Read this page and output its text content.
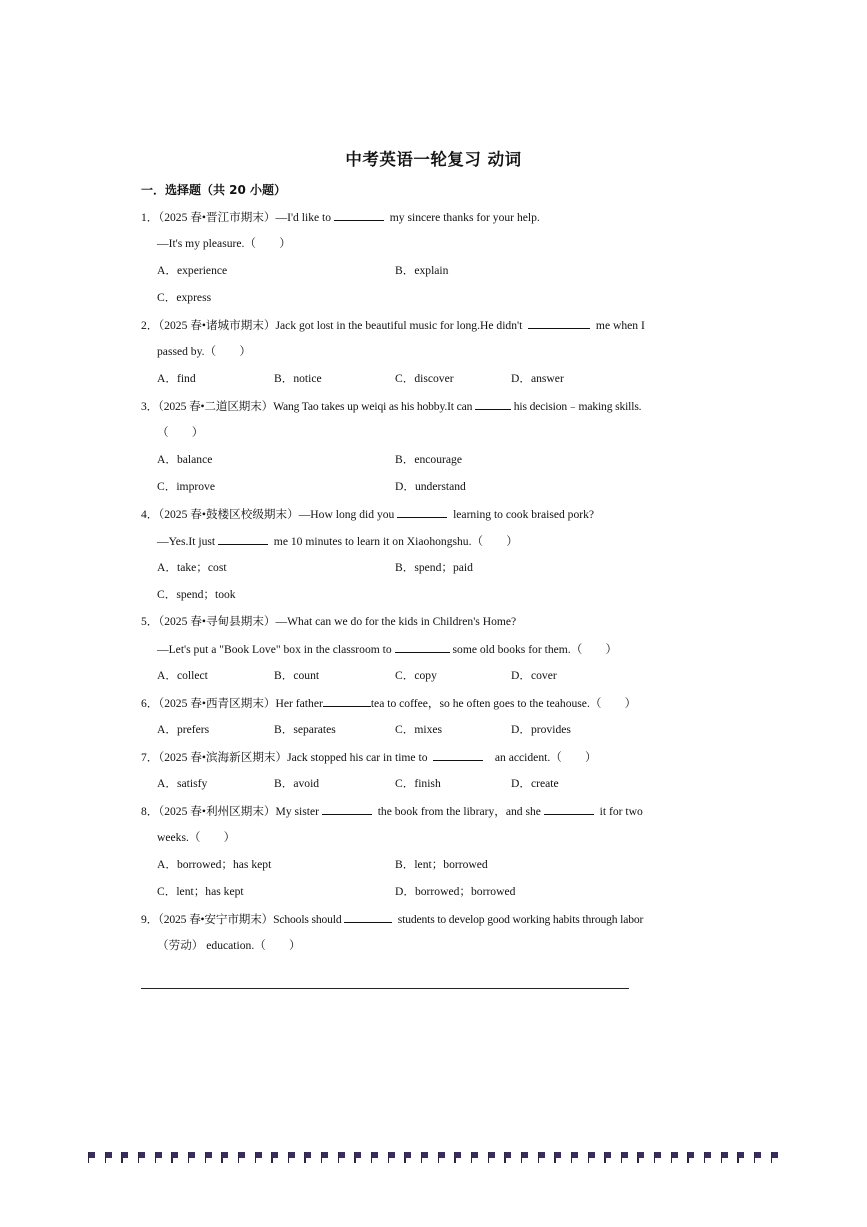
中考英语一轮复习 动词
一．选择题（共 20 小题）
1．（2025 春•晋江市期末）—I'd like to	my sincere thanks for your help.
—It's my pleasure.（　　）
A．experience	B．explain
C．express
2．（2025 春•诸城市期末）Jack got lost in the beautiful music for long.He didn't	me when I
passed by.（　　）
A．find	B．notice	C．discover	D．answer
3．（2025 春•二道区期末）Wang Tao takes up weiqi as his hobby.It can	his decision﹣making skills.
（　　）
A．balance	B．encourage
C．improve	D．understand
4．（2025 春•鼓楼区校级期末）—How long did you	learning to cook braised pork?
—Yes.It just	me 10 minutes to learn it on Xiaohongshu.（　　）
A．take；cost	B．spend；paid
C．spend；took
5．（2025 春•寻甸县期末）—What can we do for the kids in Children's Home?
—Let's put a "Book Love" box in the classroom to	some old books for them.（　　）
A．collect	B．count	C．copy	D．cover
6．（2025 春•西青区期末）Her father	tea to coffee，so he often goes to the teahouse.（　　）
A．prefers	B．separates	C．mixes	D．provides
7．（2025 春•滨海新区期末）Jack stopped his car in time to	an accident.（　　）
A．satisfy	B．avoid	C．finish	D．create
8．（2025 春•利州区期末）My sister	the book from the library，and she	it for two
weeks.（　　）
A．borrowed；has kept	B．lent；borrowed
C．lent；has kept	D．borrowed；borrowed
9．（2025 春•安宁市期末）Schools should	students to develop good working habits through labor
（劳动） education.（　　）
